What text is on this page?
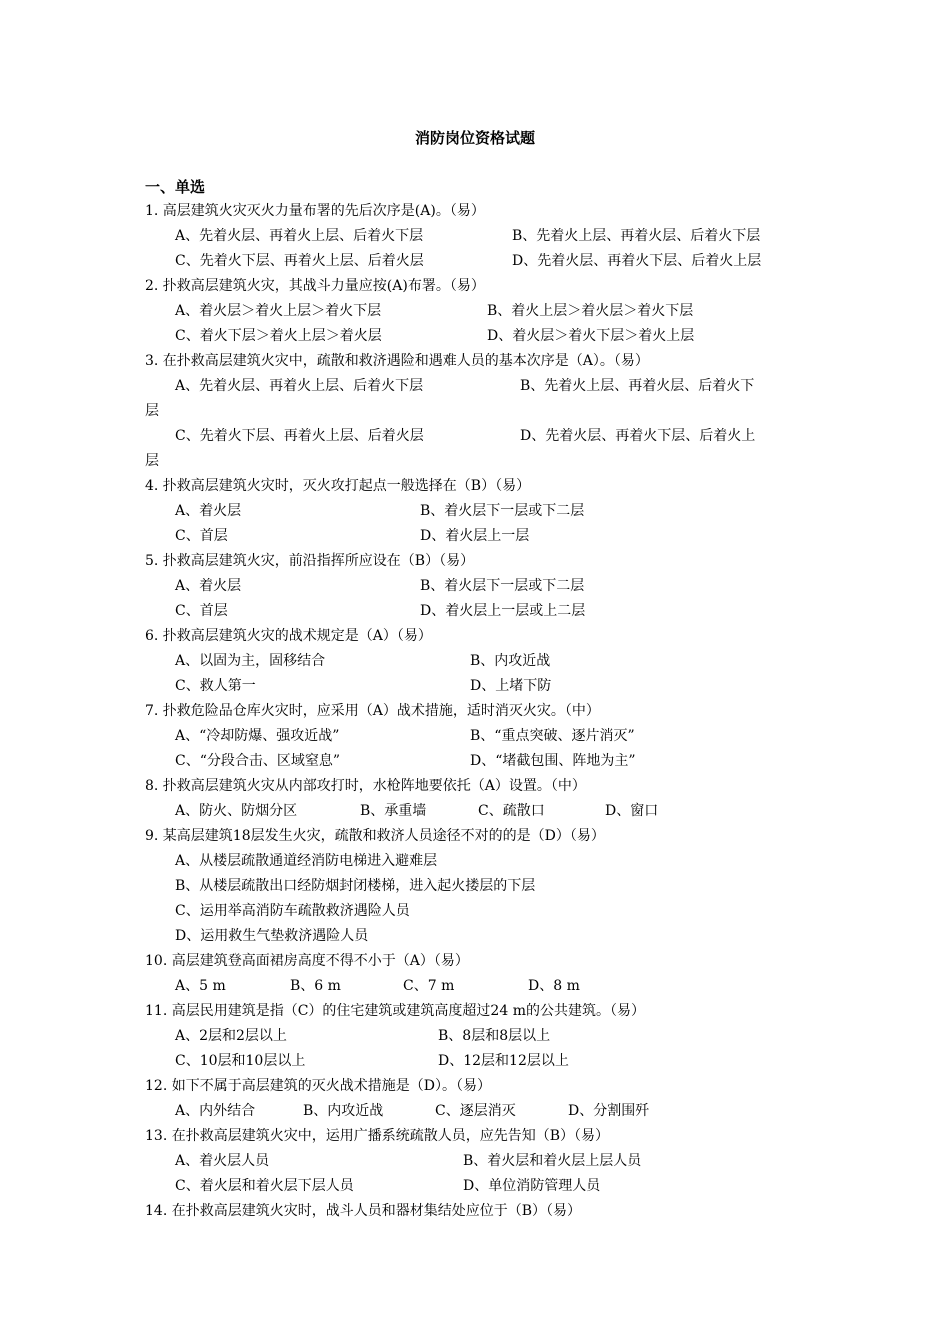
消防岗位资格试题
一、单选
1. 高层建筑火灾灭火力量布署的先后次序是(A)。（易）
A、先着火层、再着火上层、后着火下层	B、先着火上层、再着火层、后着火下层
C、先着火下层、再着火上层、后着火层	D、先着火层、再着火下层、后着火上层
2. 扑救高层建筑火灾，其战斗力量应按(A)布署。（易）
A、着火层＞着火上层＞着火下层	B、着火上层＞着火层＞着火下层
C、着火下层＞着火上层＞着火层	D、着火层＞着火下层＞着火上层
3. 在扑救高层建筑火灾中，疏散和救济遇险和遇难人员的基本次序是（A）。（易）
A、先着火层、再着火上层、后着火下层	B、先着火上层、再着火层、后着火下
层
C、先着火下层、再着火上层、后着火层	D、先着火层、再着火下层、后着火上
层
4. 扑救高层建筑火灾时，灭火攻打起点一般选择在（B）（易）
A、着火层	B、着火层下一层或下二层
C、首层	D、着火层上一层
5. 扑救高层建筑火灾，前沿指挥所应设在（B）（易）
A、着火层	B、着火层下一层或下二层
C、首层	D、着火层上一层或上二层
6. 扑救高层建筑火灾的战术规定是（A）（易）
A、以固为主，固移结合	B、内攻近战
C、救人第一	D、上堵下防
7. 扑救危险品仓库火灾时，应采用（A）战术措施，适时消灭火灾。（中）
A、“冷却防爆、强攻近战”	B、“重点突破、逐片消灭”
C、“分段合击、区域窒息”	D、“堵截包围、阵地为主”
8. 扑救高层建筑火灾从内部攻打时，水枪阵地要依托（A）设置。（中）
A、防火、防烟分区	B、承重墙	C、疏散口	D、窗口
9. 某高层建筑18层发生火灾，疏散和救济人员途径不对的的是（D）（易）
A、从楼层疏散通道经消防电梯进入避难层
B、从楼层疏散出口经防烟封闭楼梯，进入起火搂层的下层
C、运用举高消防车疏散救济遇险人员
D、运用救生气垫救济遇险人员
10. 高层建筑登高面裙房高度不得不小于（A）（易）
A、5 m	B、6 m	C、7 m	D、8 m
11. 高层民用建筑是指（C）的住宅建筑或建筑高度超过24 m的公共建筑。（易）
A、2层和2层以上	B、8层和8层以上
C、10层和10层以上	D、12层和12层以上
12. 如下不属于高层建筑的灭火战术措施是（D）。（易）
A、内外结合	B、内攻近战	C、逐层消灭	D、分割围歼
13. 在扑救高层建筑火灾中，运用广播系统疏散人员，应先告知（B）（易）
A、着火层人员	B、着火层和着火层上层人员
C、着火层和着火层下层人员	D、单位消防管理人员
14. 在扑救高层建筑火灾时，战斗人员和器材集结处应位于（B）（易）
